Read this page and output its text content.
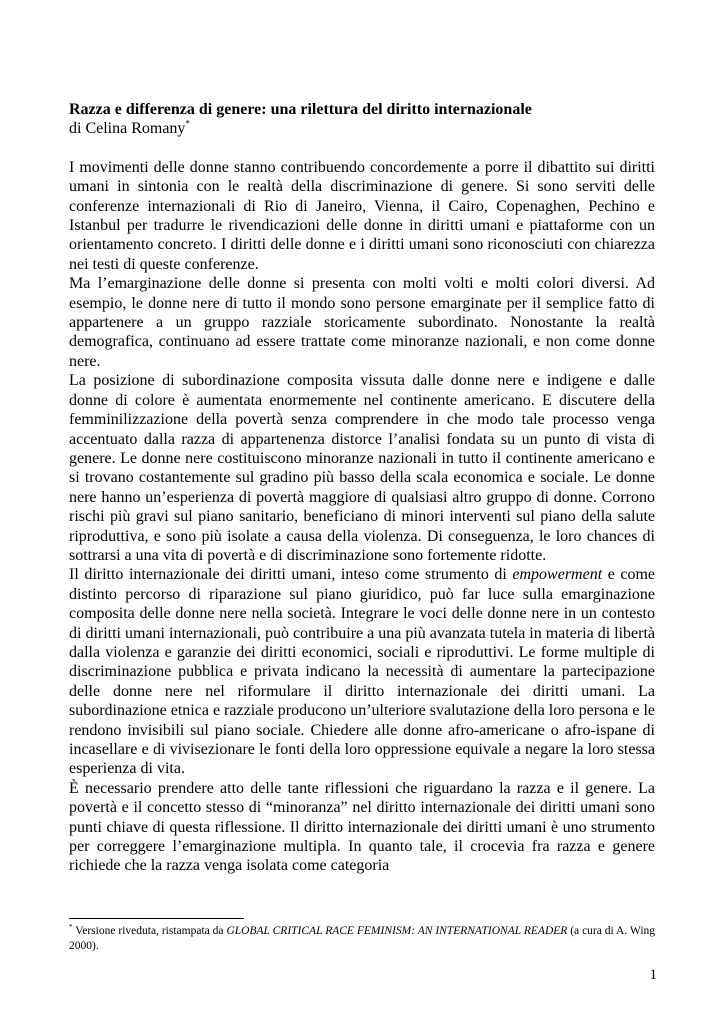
Razza e differenza di genere: una rilettura del diritto internazionale

di Celina Romany*

I movimenti delle donne stanno contribuendo concordemente a porre il dibattito sui diritti umani in sintonia con le realtà della discriminazione di genere. Si sono serviti delle conferenze internazionali di Rio di Janeiro, Vienna, il Cairo, Copenaghen, Pechino e Istanbul per tradurre le rivendicazioni delle donne in diritti umani e piattaforme con un orientamento concreto. I diritti delle donne e i diritti umani sono riconosciuti con chiarezza nei testi di queste conferenze.

Ma l’emarginazione delle donne si presenta con molti volti e molti colori diversi. Ad esempio, le donne nere di tutto il mondo sono persone emarginate per il semplice fatto di appartenere a un gruppo razziale storicamente subordinato. Nonostante la realtà demografica, continuano ad essere trattate come minoranze nazionali, e non come donne nere.

La posizione di subordinazione composita vissuta dalle donne nere e indigene e dalle donne di colore è aumentata enormemente nel continente americano. E discutere della femminilizzazione della povertà senza comprendere in che modo tale processo venga accentuato dalla razza di appartenenza distorce l’analisi fondata su un punto di vista di genere. Le donne nere costituiscono minoranze nazionali in tutto il continente americano e si trovano costantemente sul gradino più basso della scala economica e sociale. Le donne nere hanno un’esperienza di povertà maggiore di qualsiasi altro gruppo di donne. Corrono rischi più gravi sul piano sanitario, beneficiano di minori interventi sul piano della salute riproduttiva, e sono più isolate a causa della violenza. Di conseguenza, le loro chances di sottrarsi a una vita di povertà e di discriminazione sono fortemente ridotte.

Il diritto internazionale dei diritti umani, inteso come strumento di empowerment e come distinto percorso di riparazione sul piano giuridico, può far luce sulla emarginazione composita delle donne nere nella società. Integrare le voci delle donne nere in un contesto di diritti umani internazionali, può contribuire a una più avanzata tutela in materia di libertà dalla violenza e garanzie dei diritti economici, sociali e riproduttivi. Le forme multiple di discriminazione pubblica e privata indicano la necessità di aumentare la partecipazione delle donne nere nel riformulare il diritto internazionale dei diritti umani. La subordinazione etnica e razziale producono un’ulteriore svalutazione della loro persona e le rendono invisibili sul piano sociale. Chiedere alle donne afro-americane o afro-ispane di incasellare e di vivisezionare le fonti della loro oppressione equivale a negare la loro stessa esperienza di vita.

È necessario prendere atto delle tante riflessioni che riguardano la razza e il genere. La povertà e il concetto stesso di “minoranza” nel diritto internazionale dei diritti umani sono punti chiave di questa riflessione. Il diritto internazionale dei diritti umani è uno strumento per correggere l’emarginazione multipla. In quanto tale, il crocevia fra razza e genere richiede che la razza venga isolata come categoria

* Versione riveduta, ristampata da GLOBAL CRITICAL RACE FEMINISM: AN INTERNATIONAL READER (a cura di A. Wing 2000).
1
